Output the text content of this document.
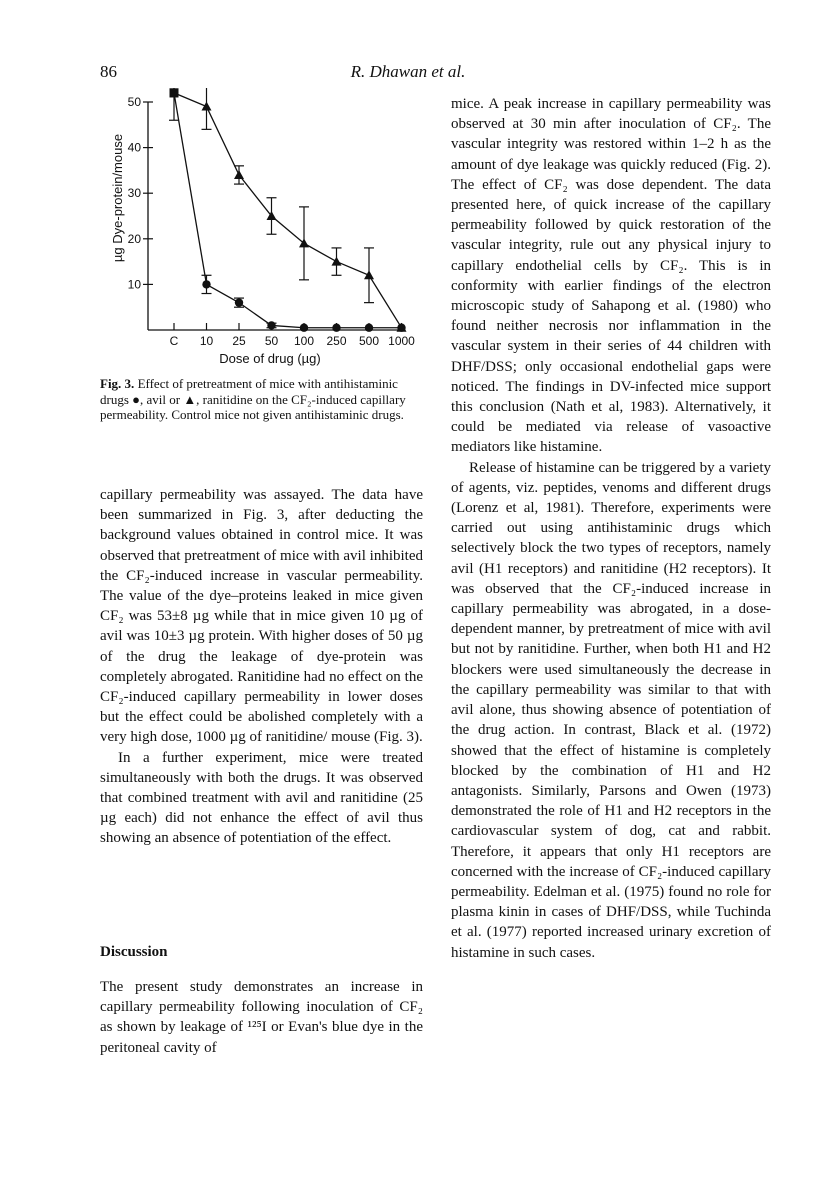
86	R. Dhawan et al.
10
20
30
40
50
C 10 25 50 100 250 500 1000
µg Dye-protein/mouse
Dose of drug (µg)
Fig. 3. Effect of pretreatment of mice with antihistaminic drugs ●, avil or ▲, ranitidine on the CF₂-induced capillary permeability. Control mice not given antihistaminic drugs.

capillary permeability was assayed. The data have been summarized in Fig. 3, after deducting the background values obtained in control mice. It was observed that pretreatment of mice with avil inhibited the CF₂-induced increase in vascular permeability. The value of the dye–proteins leaked in mice given CF₂ was 53±8 µg while that in mice given 10 µg of avil was 10±3 µg protein. With higher doses of 50 µg of the drug the leakage of dye-protein was completely abrogated. Ranitidine had no effect on the CF₂-induced capillary permeability in lower doses but the effect could be abolished completely with a very high dose, 1000 µg of ranitidine/ mouse (Fig. 3).

In a further experiment, mice were treated simultaneously with both the drugs. It was observed that combined treatment with avil and ranitidine (25 µg each) did not enhance the effect of avil thus showing an absence of potentiation of the effect.

Discussion

The present study demonstrates an increase in capillary permeability following inoculation of CF₂ as shown by leakage of ¹²⁵I or Evan's blue dye in the peritoneal cavity of

mice. A peak increase in capillary permeability was observed at 30 min after inoculation of CF₂. The vascular integrity was restored within 1–2 h as the amount of dye leakage was quickly reduced (Fig. 2). The effect of CF₂ was dose dependent. The data presented here, of quick increase of the capillary permeability followed by quick restoration of the vascular integrity, rule out any physical injury to capillary endothelial cells by CF₂. This is in conformity with earlier findings of the electron microscopic study of Sahapong et al. (1980) who found neither necrosis nor inflammation in the vascular system in their series of 44 children with DHF/DSS; only occasional endothelial gaps were noticed. The findings in DV-infected mice support this conclusion (Nath et al, 1983). Alternatively, it could be mediated via release of vasoactive mediators like histamine.

Release of histamine can be triggered by a variety of agents, viz. peptides, venoms and different drugs (Lorenz et al, 1981). Therefore, experiments were carried out using antihistaminic drugs which selectively block the two types of receptors, namely avil (H1 receptors) and ranitidine (H2 receptors). It was observed that the CF₂-induced increase in capillary permeability was abrogated, in a dose-dependent manner, by pretreatment of mice with avil but not by ranitidine. Further, when both H1 and H2 blockers were used simultaneously the decrease in the capillary permeability was similar to that with avil alone, thus showing absence of potentiation of the drug action. In contrast, Black et al. (1972) showed that the effect of histamine is completely blocked by the combination of H1 and H2 antagonists. Similarly, Parsons and Owen (1973) demonstrated the role of H1 and H2 receptors in the cardiovascular system of dog, cat and rabbit. Therefore, it appears that only H1 receptors are concerned with the increase of CF₂-induced capillary permeability. Edelman et al. (1975) found no role for plasma kinin in cases of DHF/DSS, while Tuchinda et al. (1977) reported increased urinary excretion of histamine in such cases.
